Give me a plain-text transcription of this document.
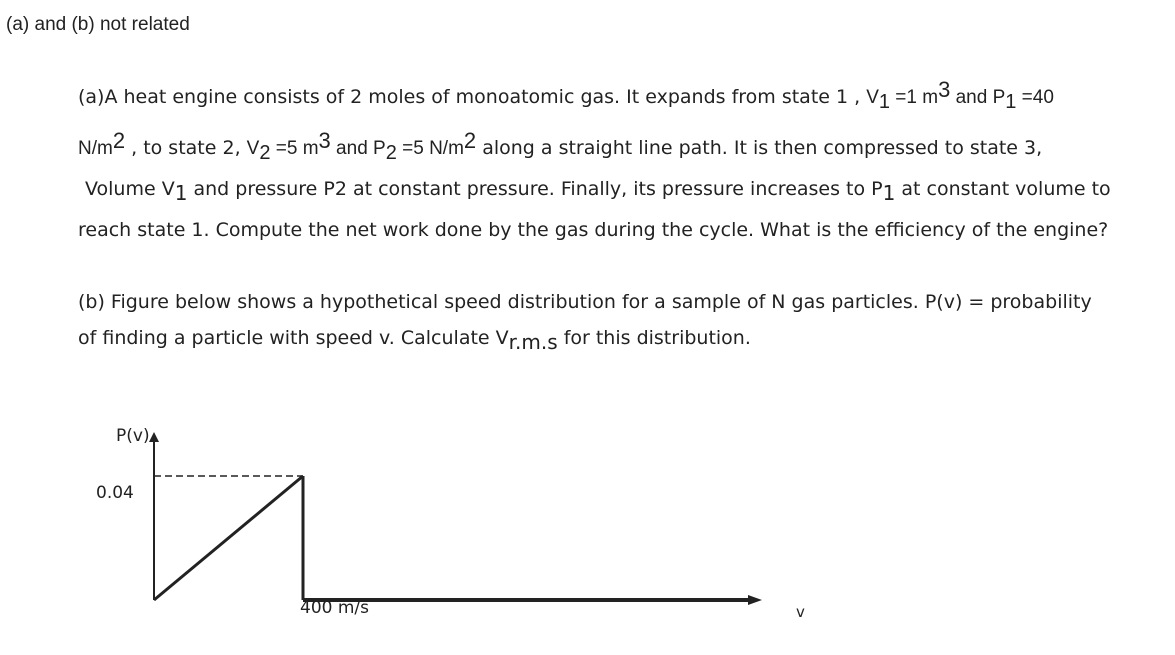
(a) and (b) not related
(a)A heat engine consists of 2 moles of monoatomic gas. It expands from state 1 , $V_1 =1$ $m^3$ and $P_1 =40$
$N/m^2$ , to state 2, $V_2 =5$ $m^3$ and $P_2 =5$ $N/m^2$ along a straight line path. It is then compressed to state 3,
Volume $V_1$ and pressure P2 at constant pressure. Finally, its pressure increases to $P_1$ at constant volume to
reach state 1. Compute the net work done by the gas during the cycle. What is the efficiency of the engine?
(b) Figure below shows a hypothetical speed distribution for a sample of N gas particles. P(v) = probability
of finding a particle with speed v. Calculate $V_{r.m.s}$ for this distribution.
P(v)
0.04
400 m/s	v
